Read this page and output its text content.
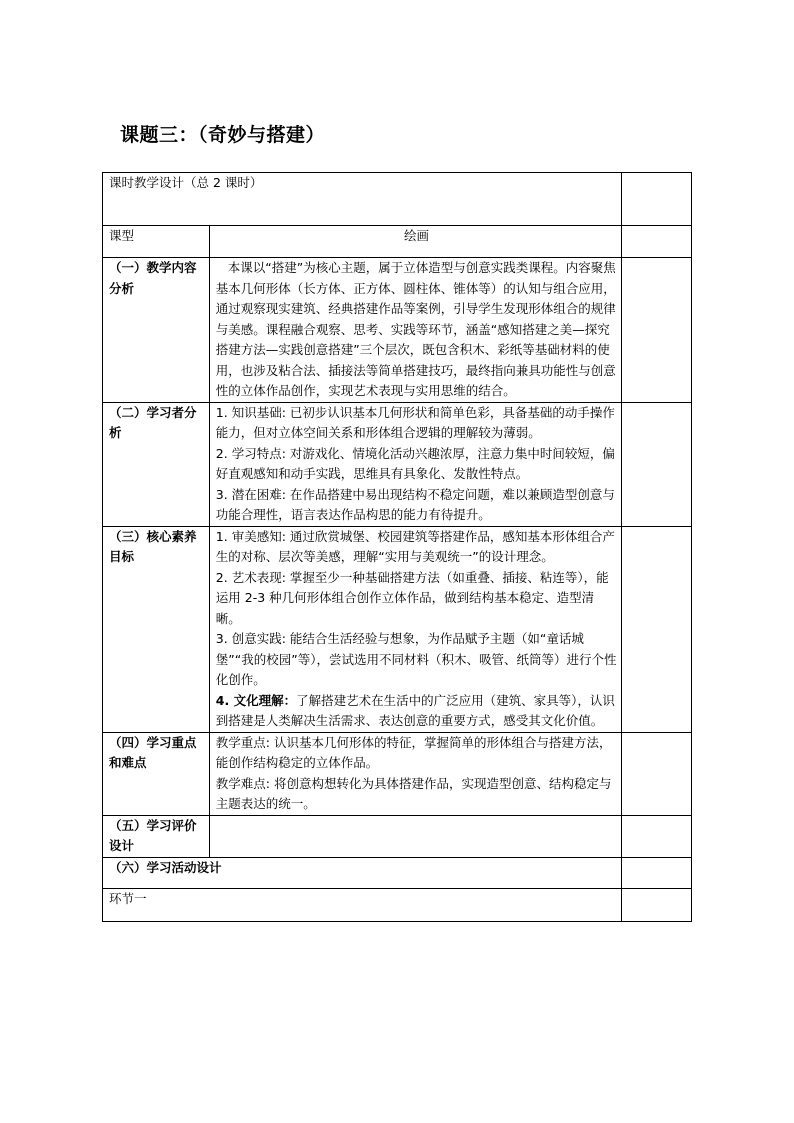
课题三：（奇妙与搭建）
课时教学设计（总 2 课时）		
课型	绘画	
（一）教学内容分析	本课以“搭建”为核心主题，属于立体造型与创意实践类课程。内容聚焦基本几何形体（长方体、正方体、圆柱体、锥体等）的认知与组合应用，通过观察现实建筑、经典搭建作品等案例，引导学生发现形体组合的规律与美感。课程融合观察、思考、实践等环节，涵盖“感知搭建之美—探究搭建方法—实践创意搭建”三个层次，既包含积木、彩纸等基础材料的使用，也涉及粘合法、插接法等简单搭建技巧，最终指向兼具功能性与创意性的立体作品创作，实现艺术表现与实用思维的结合。	

（二）学习者分析	1. 知识基础: 已初步认识基本几何形状和简单色彩，具备基础的动手操作能力，但对立体空间关系和形体组合逻辑的理解较为薄弱。

2. 学习特点: 对游戏化、情境化活动兴趣浓厚，注意力集中时间较短，偏好直观感知和动手实践，思维具有具象化、发散性特点。

3. 潜在困难: 在作品搭建中易出现结构不稳定问题，难以兼顾造型创意与功能合理性，语言表达作品构思的能力有待提升。	

（三）核心素养目标	1. 审美感知: 通过欣赏城堡、校园建筑等搭建作品，感知基本形体组合产生的对称、层次等美感，理解“实用与美观统一”的设计理念。

2. 艺术表现: 掌握至少一种基础搭建方法（如重叠、插接、粘连等），能运用 2-3 种几何形体组合创作立体作品，做到结构基本稳定、造型清晰。

3. 创意实践: 能结合生活经验与想象，为作品赋予主题（如“童话城堡”“我的校园”等），尝试选用不同材料（积木、吸管、纸筒等）进行个性化创作。

4. 文化理解：了解搭建艺术在生活中的广泛应用（建筑、家具等），认识到搭建是人类解决生活需求、表达创意的重要方式，感受其文化价值。	

（四）学习重点和难点	教学重点: 认识基本几何形体的特征，掌握简单的形体组合与搭建方法，能创作结构稳定的立体作品。

教学难点: 将创意构想转化为具体搭建作品，实现造型创意、结构稳定与主题表达的统一。	

（五）学习评价设计		
（六）学习活动设计		
环节一		
